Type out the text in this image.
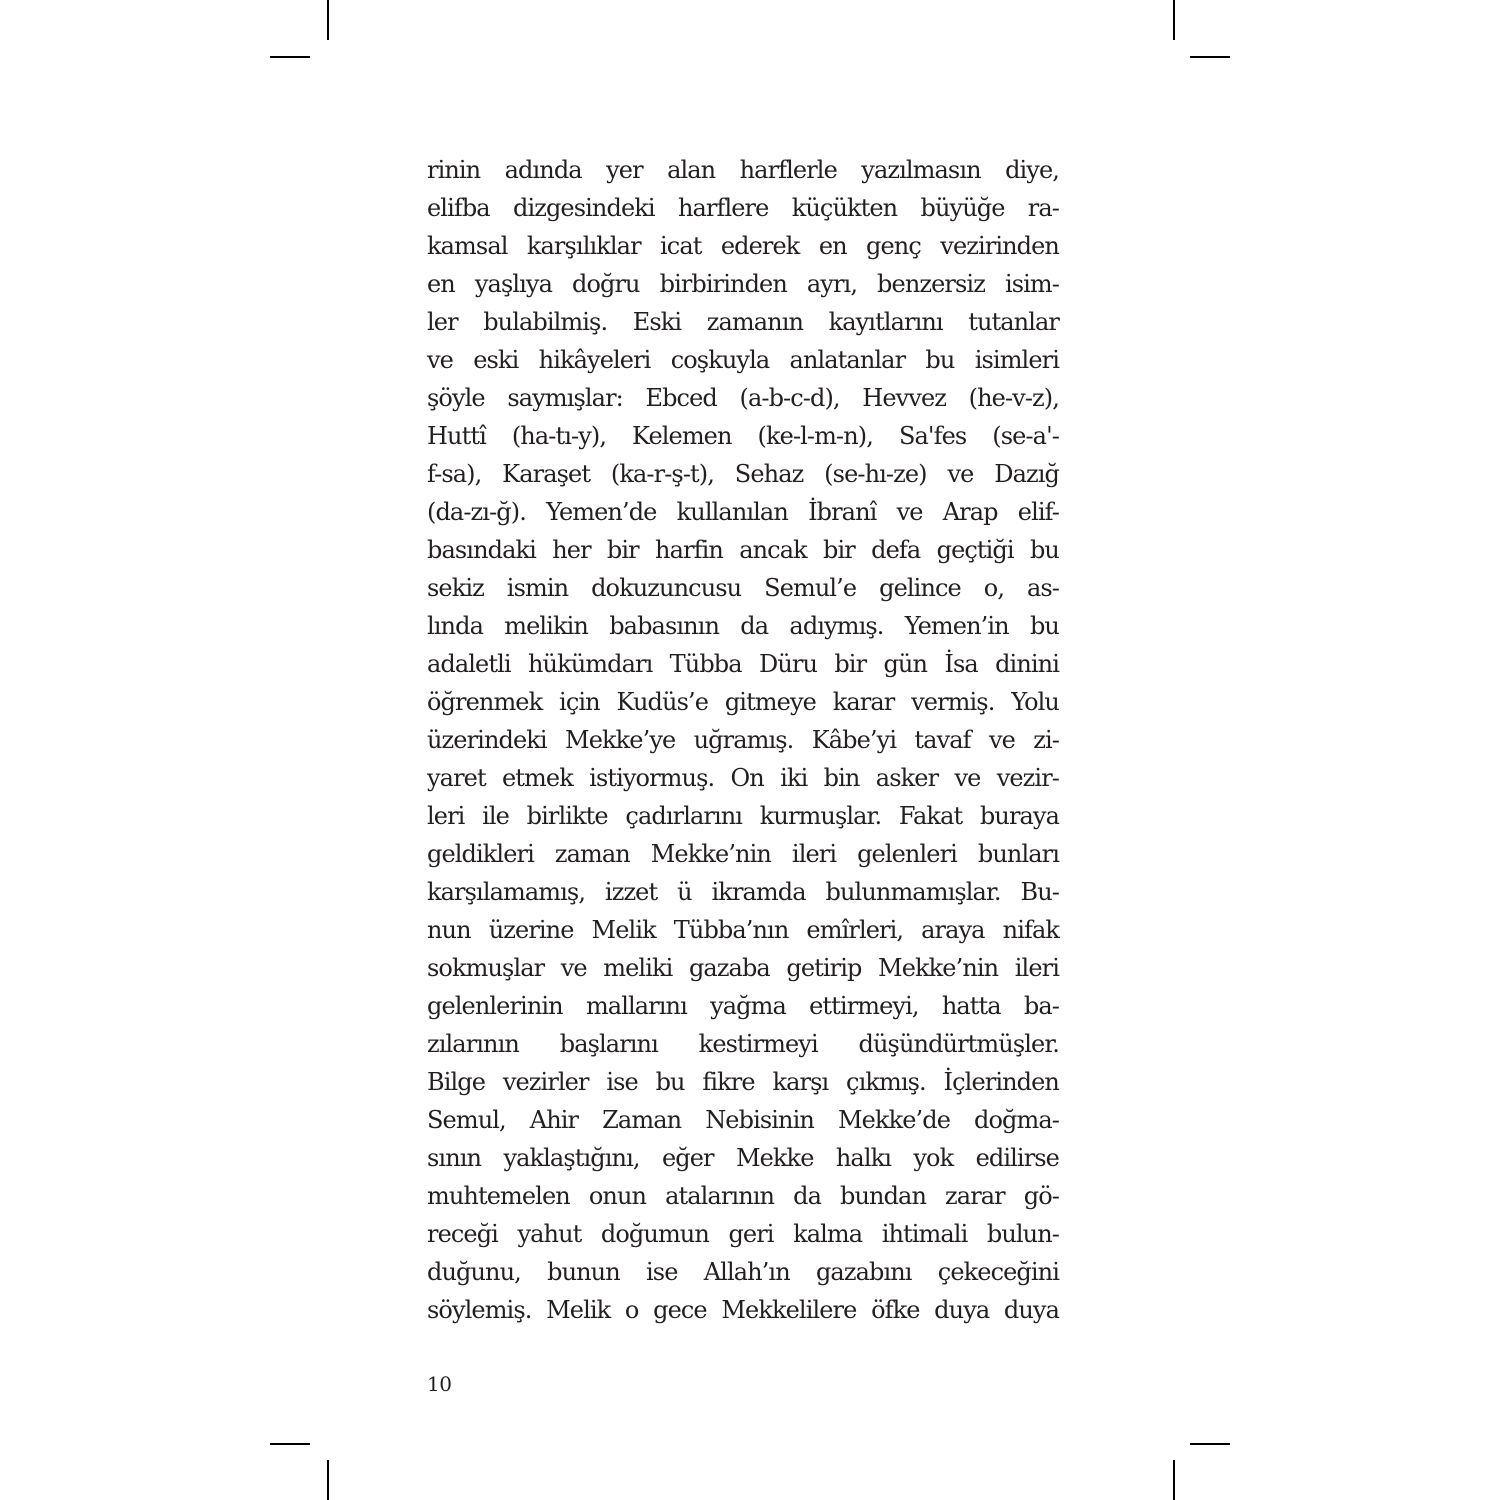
rinin adında yer alan harflerle yazılmasın diye,
elifba dizgesindeki harflere küçükten büyüğe ra-
kamsal karşılıklar icat ederek en genç vezirinden
en yaşlıya doğru birbirinden ayrı, benzersiz isim-
ler bulabilmiş. Eski zamanın kayıtlarını tutanlar
ve eski hikâyeleri coşkuyla anlatanlar bu isimleri
şöyle saymışlar: Ebced (a-b-c-d), Hevvez (he-v-z),
Huttî (ha-tı-y), Kelemen (ke-l-m-n), Sa'fes (se-a'-
f-sa), Karaşet (ka-r-ş-t), Sehaz (se-hı-ze) ve Dazığ
(da-zı-ğ). Yemen’de kullanılan İbranî ve Arap elif-
basındaki her bir harfin ancak bir defa geçtiği bu
sekiz ismin dokuzuncusu Semul’e gelince o, as-
lında melikin babasının da adıymış. Yemen’in bu
adaletli hükümdarı Tübba Düru bir gün İsa dinini
öğrenmek için Kudüs’e gitmeye karar vermiş. Yolu
üzerindeki Mekke’ye uğramış. Kâbe’yi tavaf ve zi-
yaret etmek istiyormuş. On iki bin asker ve vezir-
leri ile birlikte çadırlarını kurmuşlar. Fakat buraya
geldikleri zaman Mekke’nin ileri gelenleri bunları
karşılamamış, izzet ü ikramda bulunmamışlar. Bu-
nun üzerine Melik Tübba’nın emîrleri, araya nifak
sokmuşlar ve meliki gazaba getirip Mekke’nin ileri
gelenlerinin mallarını yağma ettirmeyi, hatta ba-
zılarının başlarını kestirmeyi düşündürtmüşler.
Bilge vezirler ise bu fikre karşı çıkmış. İçlerinden
Semul, Ahir Zaman Nebisinin Mekke’de doğma-
sının yaklaştığını, eğer Mekke halkı yok edilirse
muhtemelen onun atalarının da bundan zarar gö-
receği yahut doğumun geri kalma ihtimali bulun-
duğunu, bunun ise Allah’ın gazabını çekeceğini
söylemiş. Melik o gece Mekkelilere öfke duya duya
10
